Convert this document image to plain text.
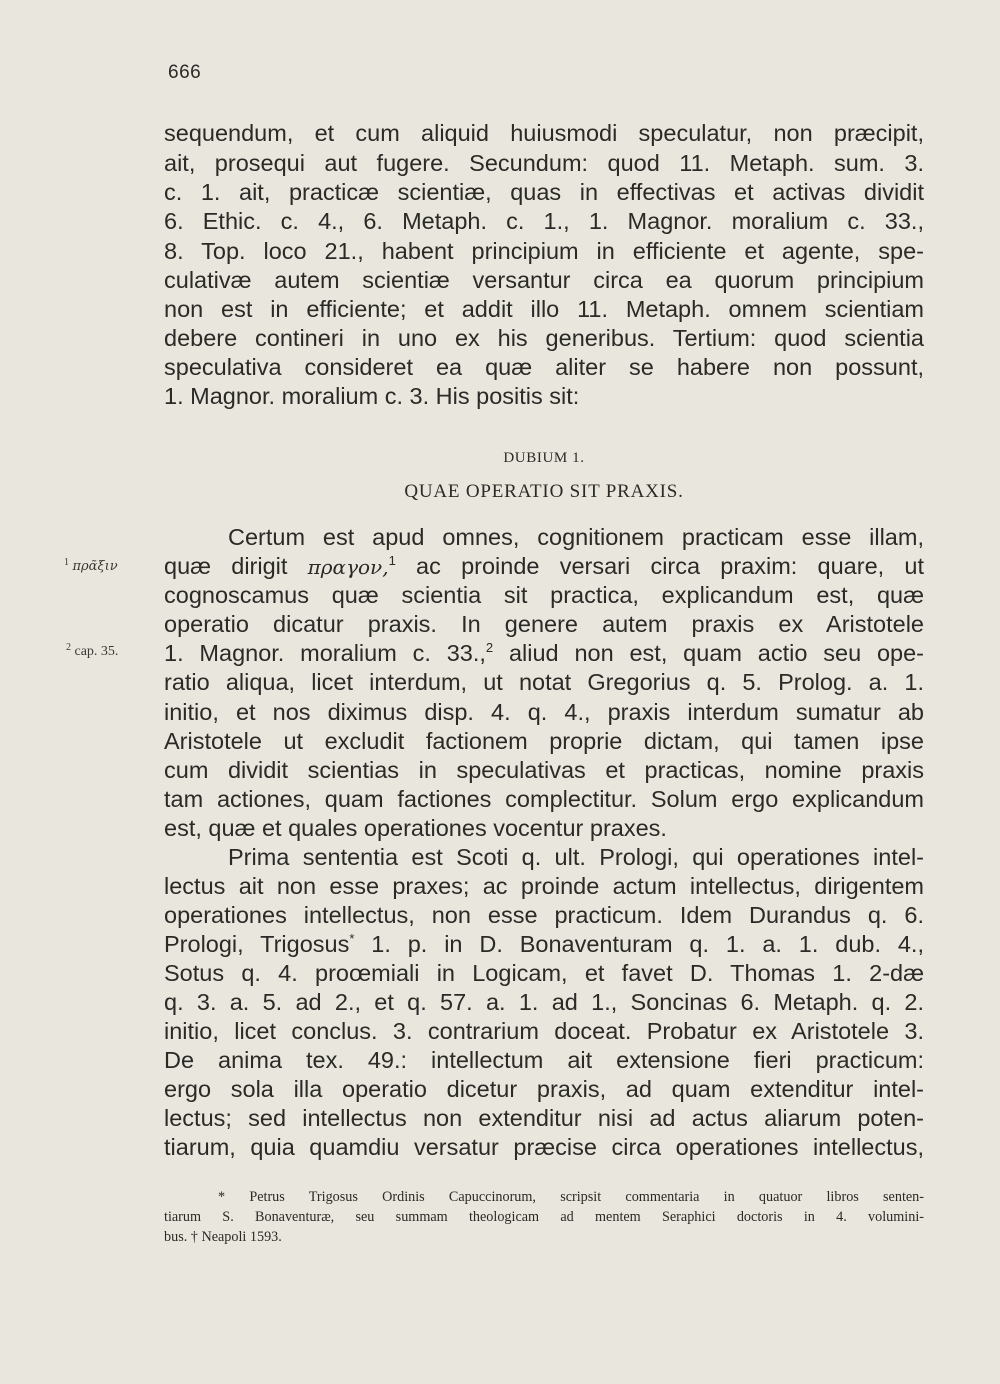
666
sequendum, et cum aliquid huiusmodi speculatur, non præcipit,
ait, prosequi aut fugere. Secundum: quod 11. Metaph. sum. 3.
c. 1. ait, practicæ scientiæ, quas in effectivas et activas dividit
6. Ethic. c. 4., 6. Metaph. c. 1., 1. Magnor. moralium c. 33.,
8. Top. loco 21., habent principium in efficiente et agente, spe-
culativæ autem scientiæ versantur circa ea quorum principium
non est in efficiente; et addit illo 11. Metaph. omnem scientiam
debere contineri in uno ex his generibus. Tertium: quod scientia
speculativa consideret ea quæ aliter se habere non possunt,
1. Magnor. moralium c. 3. His positis sit:
DUBIUM 1.
QUAE OPERATIO SIT PRAXIS.
$^1$ πρᾶξιν
$^2$ cap. 35.
Certum est apud omnes, cognitionem practicam esse illam,
quæ dirigit πραγον,$^1$ ac proinde versari circa praxim: quare, ut
cognoscamus quæ scientia sit practica, explicandum est, quæ
operatio dicatur praxis. In genere autem praxis ex Aristotele
1. Magnor. moralium c. 33.,$^2$ aliud non est, quam actio seu ope-
ratio aliqua, licet interdum, ut notat Gregorius q. 5. Prolog. a. 1.
initio, et nos diximus disp. 4. q. 4., praxis interdum sumatur ab
Aristotele ut excludit factionem proprie dictam, qui tamen ipse
cum dividit scientias in speculativas et practicas, nomine praxis
tam actiones, quam factiones complectitur. Solum ergo explicandum
est, quæ et quales operationes vocentur praxes.
Prima sententia est Scoti q. ult. Prologi, qui operationes intel-
lectus ait non esse praxes; ac proinde actum intellectus, dirigentem
operationes intellectus, non esse practicum. Idem Durandus q. 6.
Prologi, Trigosus* 1. p. in D. Bonaventuram q. 1. a. 1. dub. 4.,
Sotus q. 4. proœmiali in Logicam, et favet D. Thomas 1. 2-dæ
q. 3. a. 5. ad 2., et q. 57. a. 1. ad 1., Soncinas 6. Metaph. q. 2.
initio, licet conclus. 3. contrarium doceat. Probatur ex Aristotele 3.
De anima tex. 49.: intellectum ait extensione fieri practicum:
ergo sola illa operatio dicetur praxis, ad quam extenditur intel-
lectus; sed intellectus non extenditur nisi ad actus aliarum poten-
tiarum, quia quamdiu versatur præcise circa operationes intellectus,
* Petrus Trigosus Ordinis Capuccinorum, scripsit commentaria in quatuor libros senten-
tiarum S. Bonaventuræ, seu summam theologicam ad mentem Seraphici doctoris in 4. volumini-
bus. † Neapoli 1593.
